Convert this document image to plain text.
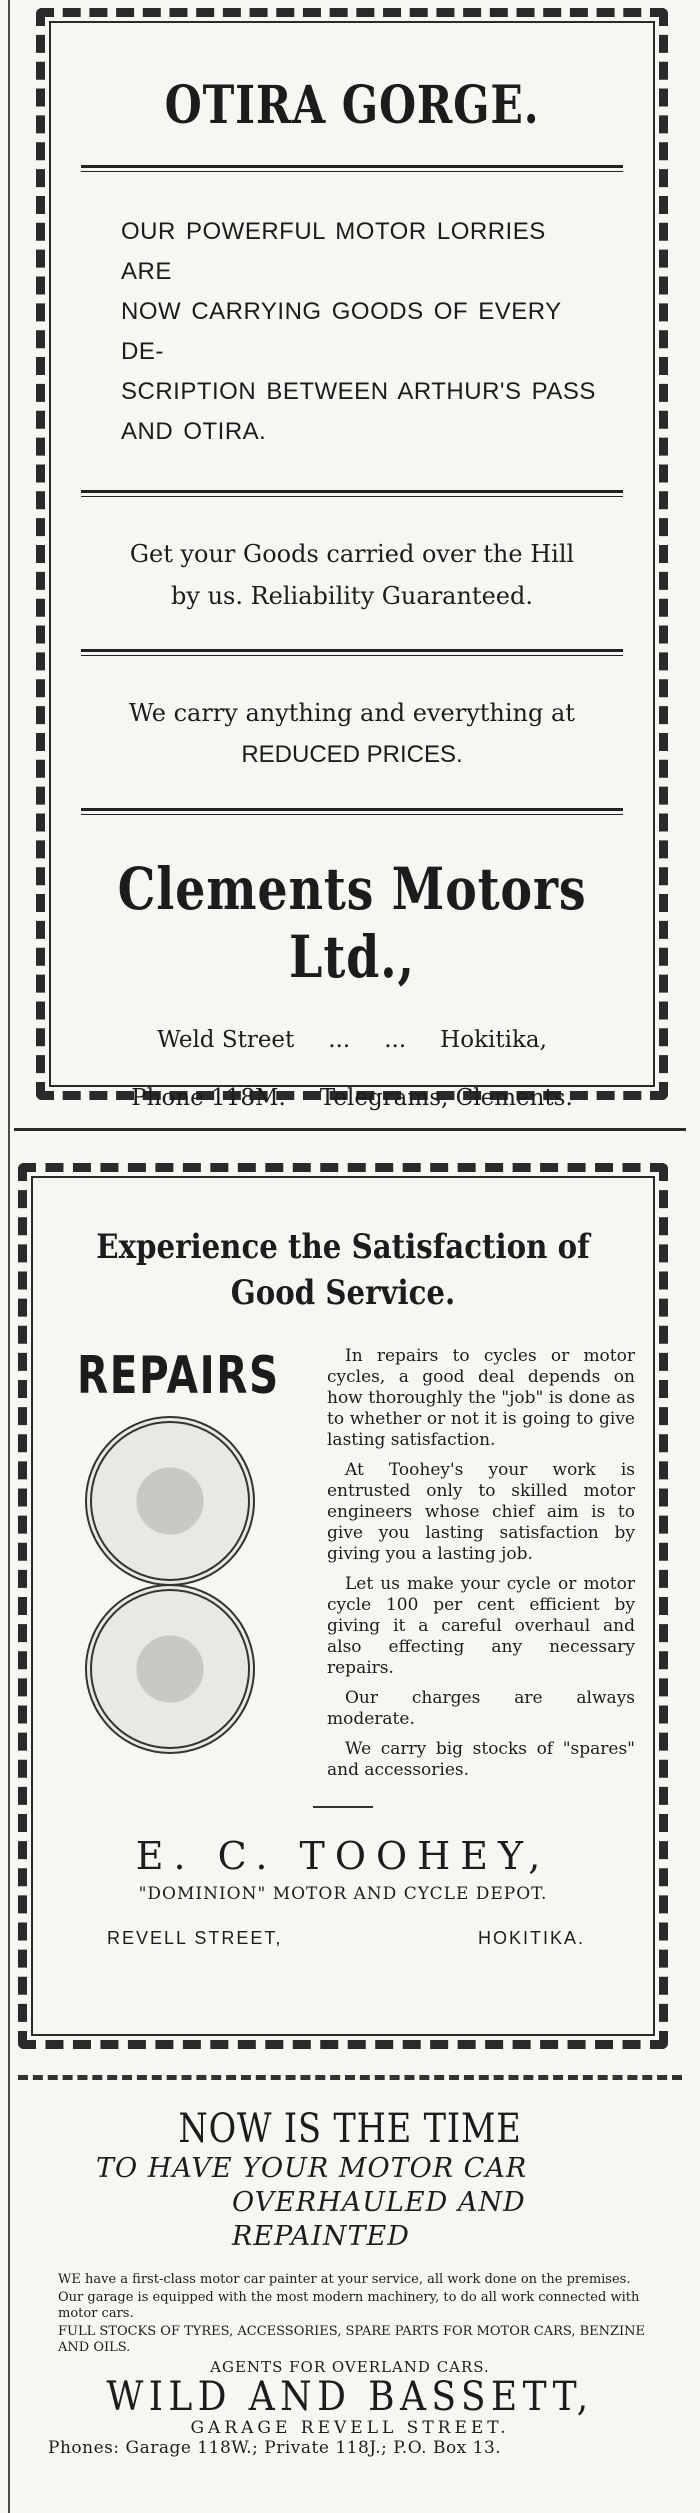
OTIRA GORGE.
OUR POWERFUL MOTOR LORRIES ARE
NOW CARRYING GOODS OF EVERY DE-
SCRIPTION BETWEEN ARTHUR'S PASS
AND OTIRA.
Get your Goods carried over the Hill
by us. Reliability Guaranteed.
We carry anything and everything at
REDUCED PRICES.
Clements Motors Ltd.,
Weld Street ... ... Hokitika,
Phone 118M. Telegrams, Clements.
Experience the Satisfaction of
Good Service.
REPAIRS	In repairs to cycles or motor cycles, a good deal depends on how thoroughly the "job" is done as to whether or not it is going to give lasting satisfaction.

At Toohey's your work is entrusted only to skilled motor engineers whose chief aim is to give you lasting satisfaction by giving you a lasting job.

Let us make your cycle or motor cycle 100 per cent efficient by giving it a careful overhaul and also effecting any necessary repairs.

Our charges are always moderate.

We carry big stocks of "spares" and accessories.

E. C. TOOHEY,
"DOMINION" MOTOR AND CYCLE DEPOT.
REVELL STREET,	HOKITIKA.
NOW IS THE TIME
TO HAVE YOUR MOTOR CAR
OVERHAULED AND REPAINTED

WE have a first-class motor car painter at your service, all work done on the premises.

Our garage is equipped with the most modern machinery, to do all work connected with motor cars.

FULL STOCKS OF TYRES, ACCESSORIES, SPARE PARTS FOR MOTOR CARS, BENZINE AND OILS.

AGENTS FOR OVERLAND CARS.
WILD AND BASSETT,
GARAGE REVELL STREET.
Phones: Garage 118W.; Private 118J.; P.O. Box 13.
